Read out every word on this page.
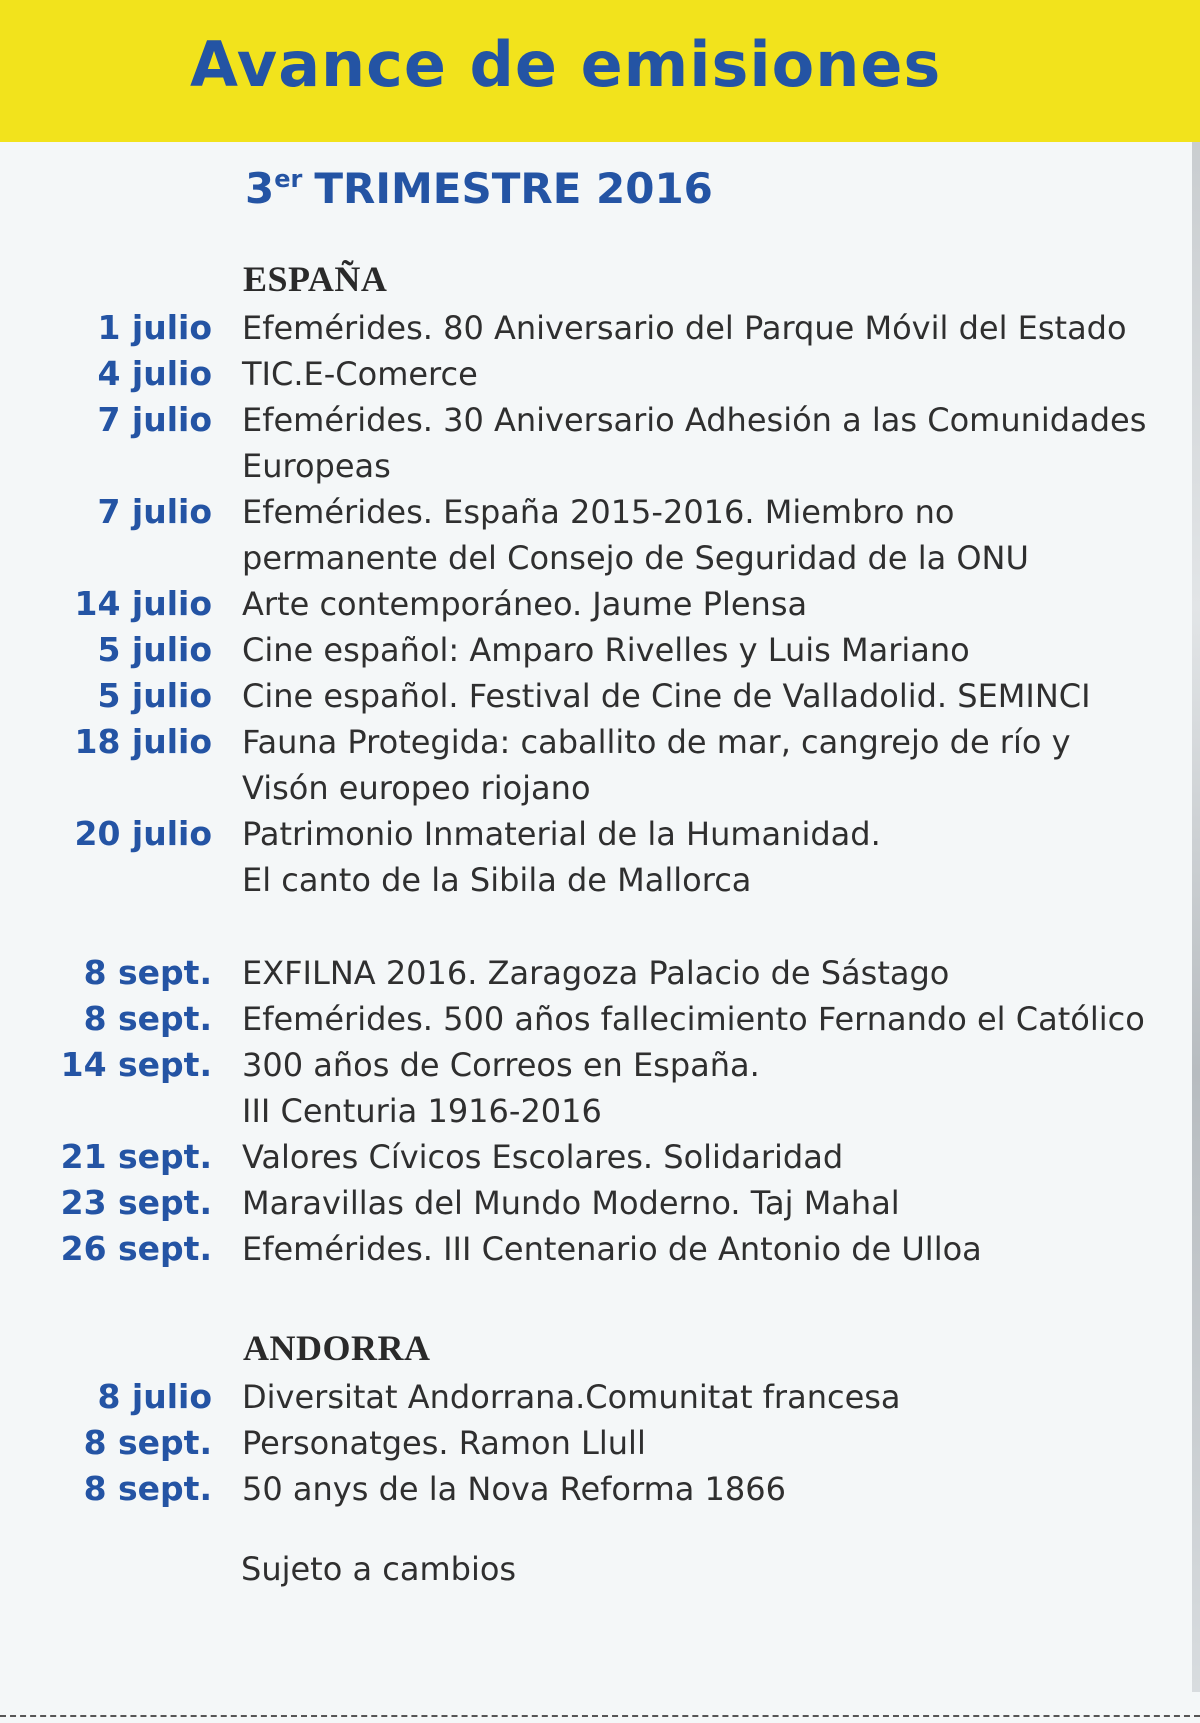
Avance de emisiones
3er TRIMESTRE 2016
ESPAÑA
1 julio Efemérides. 80 Aniversario del Parque Móvil del Estado
4 julio TIC.E-Comerce
7 julio Efemérides. 30 Aniversario Adhesión a las Comunidades
Europeas
7 julio Efemérides. España 2015-2016. Miembro no
permanente del Consejo de Seguridad de la ONU
14 julio Arte contemporáneo. Jaume Plensa
5 julio Cine español: Amparo Rivelles y Luis Mariano
5 julio Cine español. Festival de Cine de Valladolid. SEMINCI
18 julio Fauna Protegida: caballito de mar, cangrejo de río y
Visón europeo riojano
20 julio Patrimonio Inmaterial de la Humanidad.
El canto de la Sibila de Mallorca
8 sept. EXFILNA 2016. Zaragoza Palacio de Sástago
8 sept. Efemérides. 500 años fallecimiento Fernando el Católico
14 sept. 300 años de Correos en España.
III Centuria 1916-2016
21 sept. Valores Cívicos Escolares. Solidaridad
23 sept. Maravillas del Mundo Moderno. Taj Mahal
26 sept. Efemérides. III Centenario de Antonio de Ulloa
ANDORRA
8 julio Diversitat Andorrana.Comunitat francesa
8 sept. Personatges. Ramon Llull
8 sept. 50 anys de la Nova Reforma 1866

Sujeto a cambios
